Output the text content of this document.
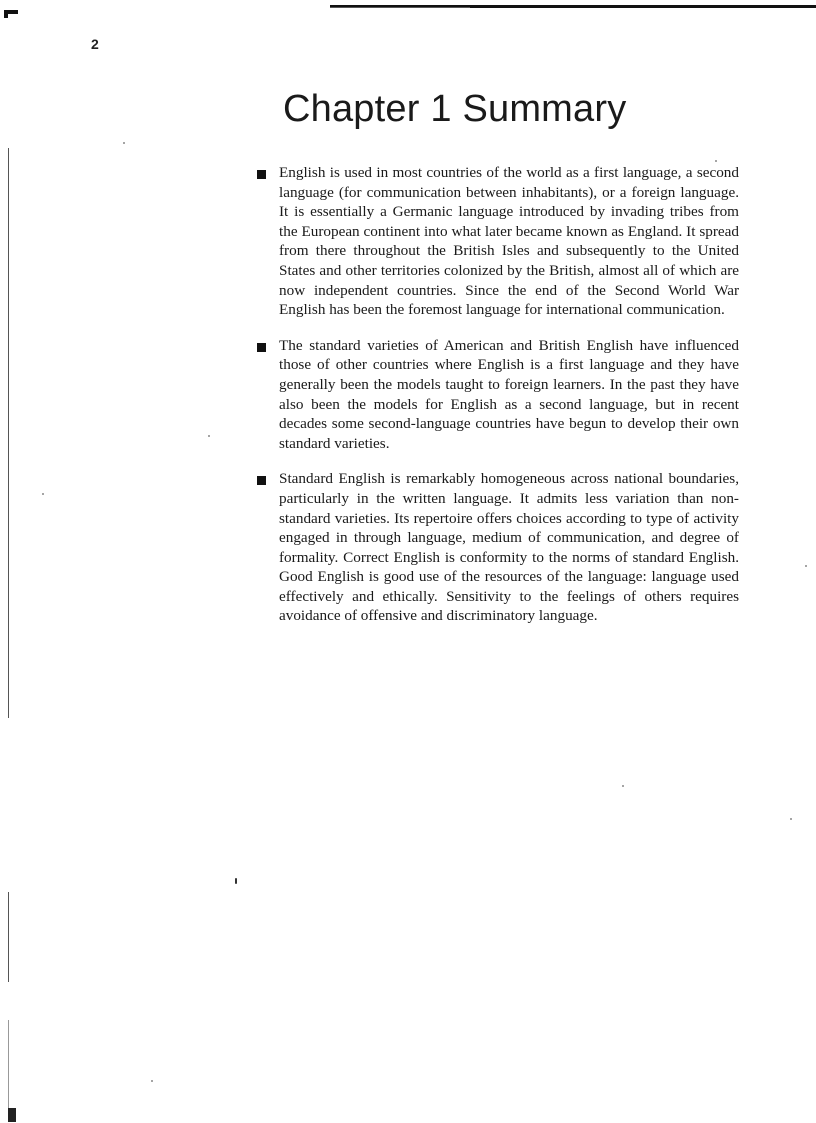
2
Chapter 1 Summary
English is used in most countries of the world as a first language, a second language (for communication between inhabitants), or a foreign language. It is essentially a Germanic language introduced by invading tribes from the European continent into what later became known as England. It spread from there throughout the British Isles and subsequently to the United States and other territories colonized by the British, almost all of which are now independent countries. Since the end of the Second World War English has been the foremost language for international communication.
The standard varieties of American and British English have influenced those of other countries where English is a first language and they have generally been the models taught to foreign learners. In the past they have also been the models for English as a second language, but in recent decades some second-language countries have begun to develop their own standard varieties.
Standard English is remarkably homogeneous across national boundaries, particularly in the written language. It admits less variation than non-standard varieties. Its repertoire offers choices according to type of activity engaged in through language, medium of communication, and degree of formality. Correct English is conformity to the norms of standard English. Good English is good use of the resources of the language: language used effectively and ethically. Sensitivity to the feelings of others requires avoidance of offensive and discriminatory language.
